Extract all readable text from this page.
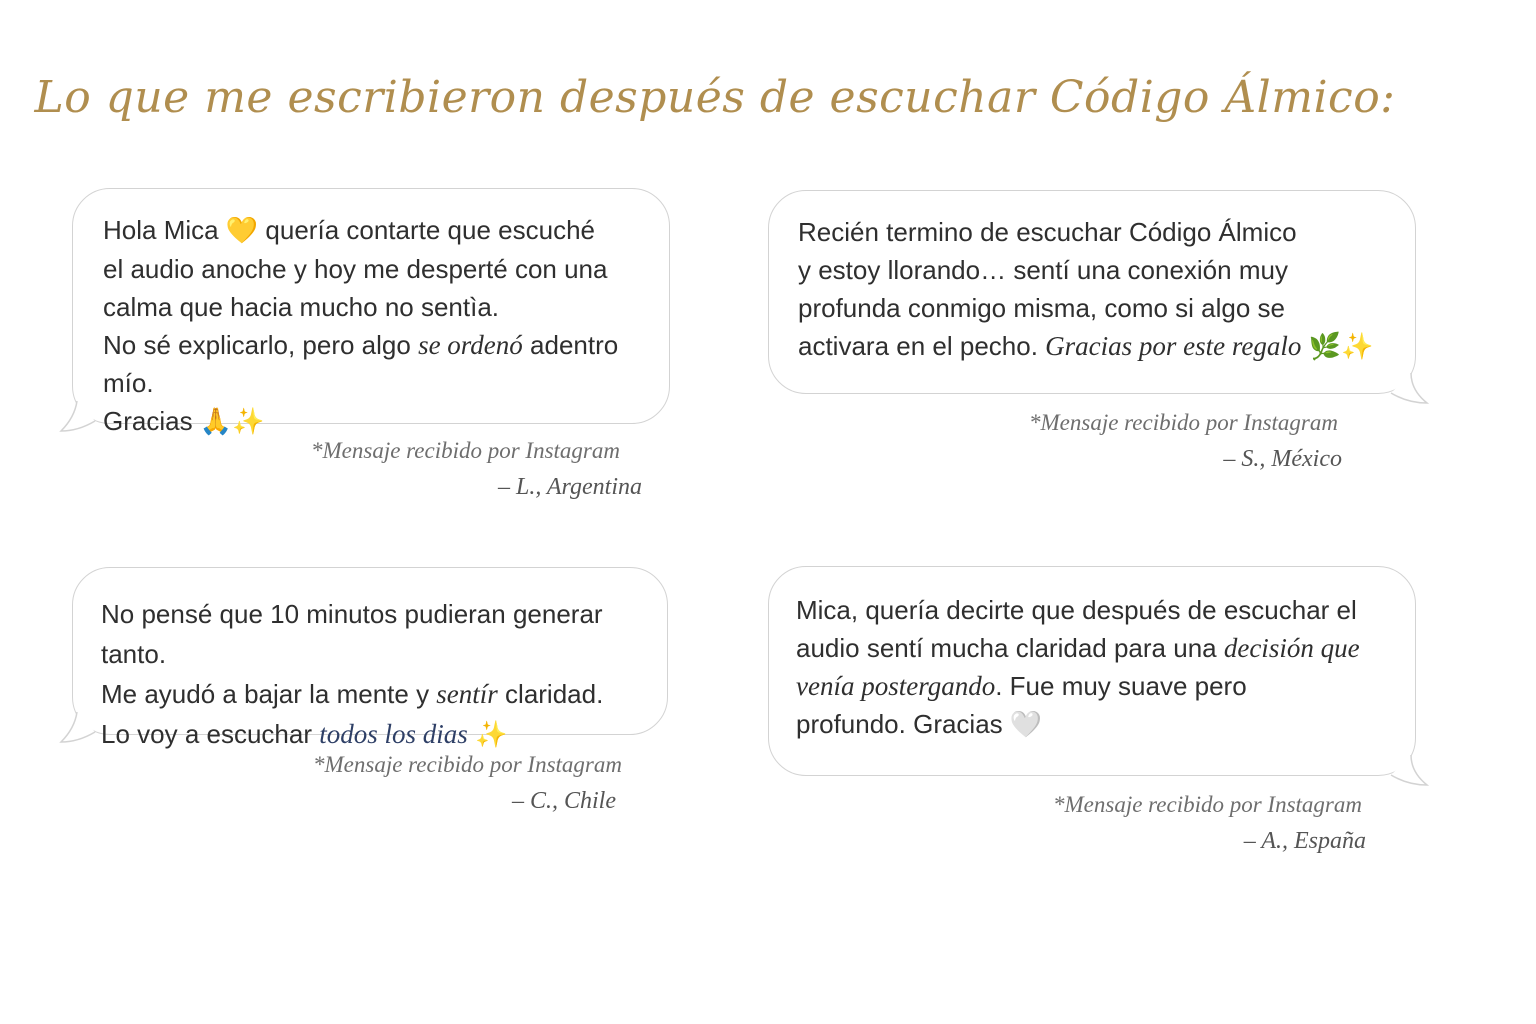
Lo que me escribieron después de escuchar Código Álmico:
Hola Mica 💛 quería contarte que escuché
el audio anoche y hoy me desperté con una
calma que hacia mucho no sentìa.
No sé explicarlo, pero algo se ordenó adentro mío.
Gracias 🙏✨
*Mensaje recibido por Instagram
– L., Argentina
Recién termino de escuchar Código Álmico
y estoy llorando… sentí una conexión muy
profunda conmigo misma, como si algo se
activara en el pecho. Gracias por este regalo 🌿✨
*Mensaje recibido por Instagram
– S., México
No pensé que 10 minutos pudieran generar tanto.
Me ayudó a bajar la mente y sentír claridad.
Lo voy a escuchar todos los dias ✨
*Mensaje recibido por Instagram
– C., Chile
Mica, quería decirte que después de escuchar el
audio sentí mucha claridad para una decisión que
venía postergando. Fue muy suave pero
profundo. Gracias 🤍
*Mensaje recibido por Instagram
– A., España
